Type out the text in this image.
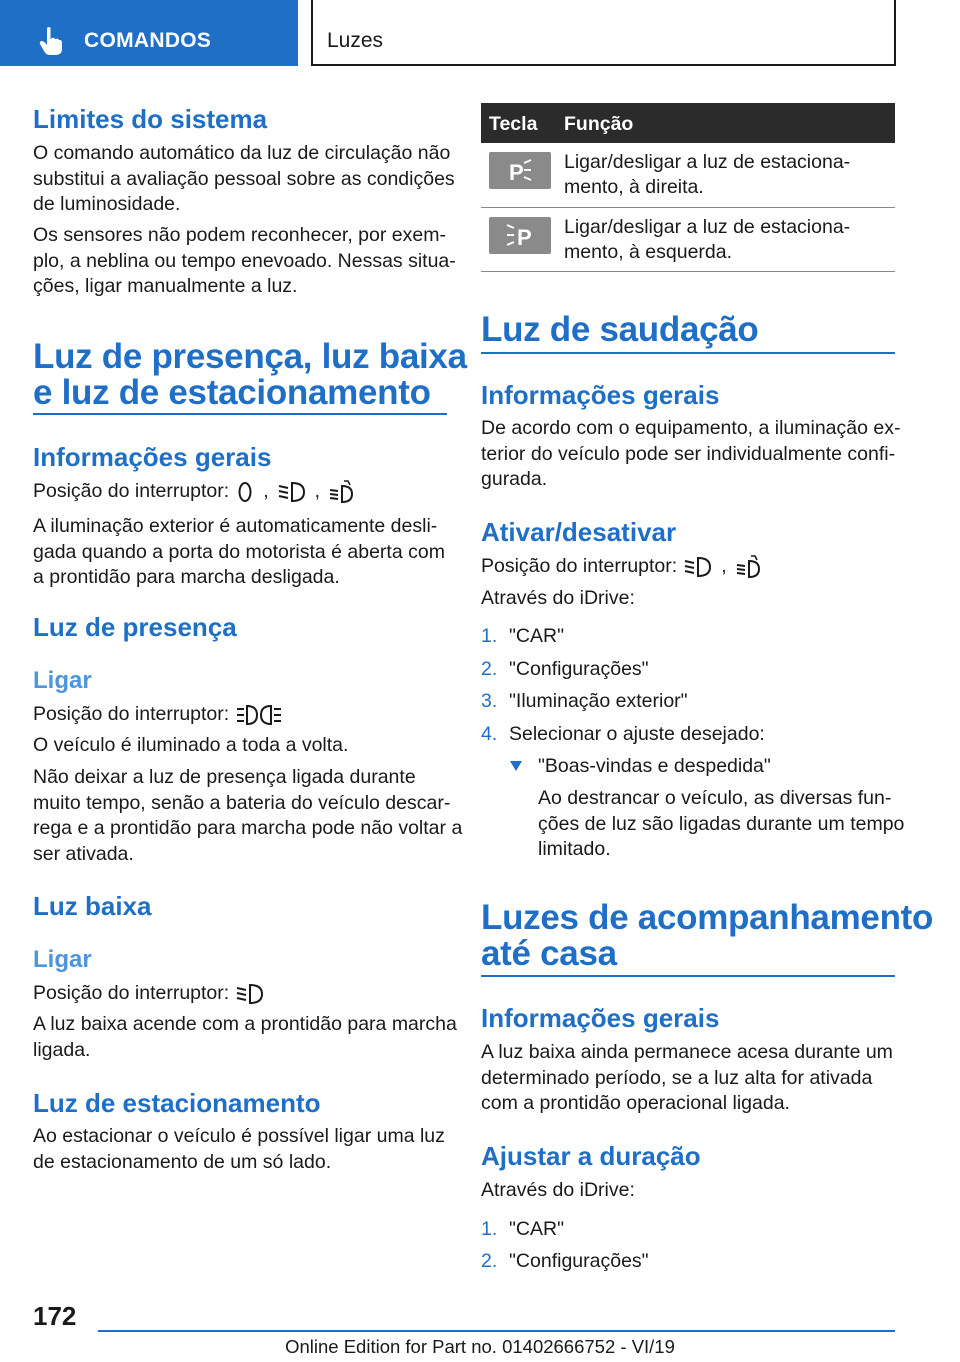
COMANDOS	Luzes
Limites do sistema
O comando automático da luz de circulação não
substitui a avaliação pessoal sobre as condições
de luminosidade.
Os sensores não podem reconhecer, por exem-
plo, a neblina ou tempo enevoado. Nessas situa-
ções, ligar manualmente a luz.
Luz de presença, luz baixa
e luz de estacionamento
Informações gerais
Posição do interruptor: , ,
A iluminação exterior é automaticamente desli-
gada quando a porta do motorista é aberta com
a prontidão para marcha desligada.
Luz de presença
Ligar
Posição do interruptor:
O veículo é iluminado a toda a volta.
Não deixar a luz de presença ligada durante
muito tempo, senão a bateria do veículo descar-
rega e a prontidão para marcha pode não voltar a
ser ativada.
Luz baixa
Ligar
Posição do interruptor:
A luz baixa acende com a prontidão para marcha
ligada.
Luz de estacionamento
Ao estacionar o veículo é possível ligar uma luz
de estacionamento de um só lado.
Tecla Função
P Ligar/desligar a luz de estaciona-
mento, à direita.
P Ligar/desligar a luz de estaciona-
mento, à esquerda.
Luz de saudação
Informações gerais
De acordo com o equipamento, a iluminação ex-
terior do veículo pode ser individualmente confi-
gurada.
Ativar/desativar
Posição do interruptor: ,
Através do iDrive:
1. "CAR"
2. "Configurações"
3. "Iluminação exterior"
4. Selecionar o ajuste desejado:
"Boas-vindas e despedida"
Ao destrancar o veículo, as diversas fun-
ções de luz são ligadas durante um tempo
limitado.
Luzes de acompanhamento
até casa
Informações gerais
A luz baixa ainda permanece acesa durante um
determinado período, se a luz alta for ativada
com a prontidão operacional ligada.
Ajustar a duração
Através do iDrive:
1. "CAR"
2. "Configurações"
172
Online Edition for Part no. 01402666752 - VI/19
